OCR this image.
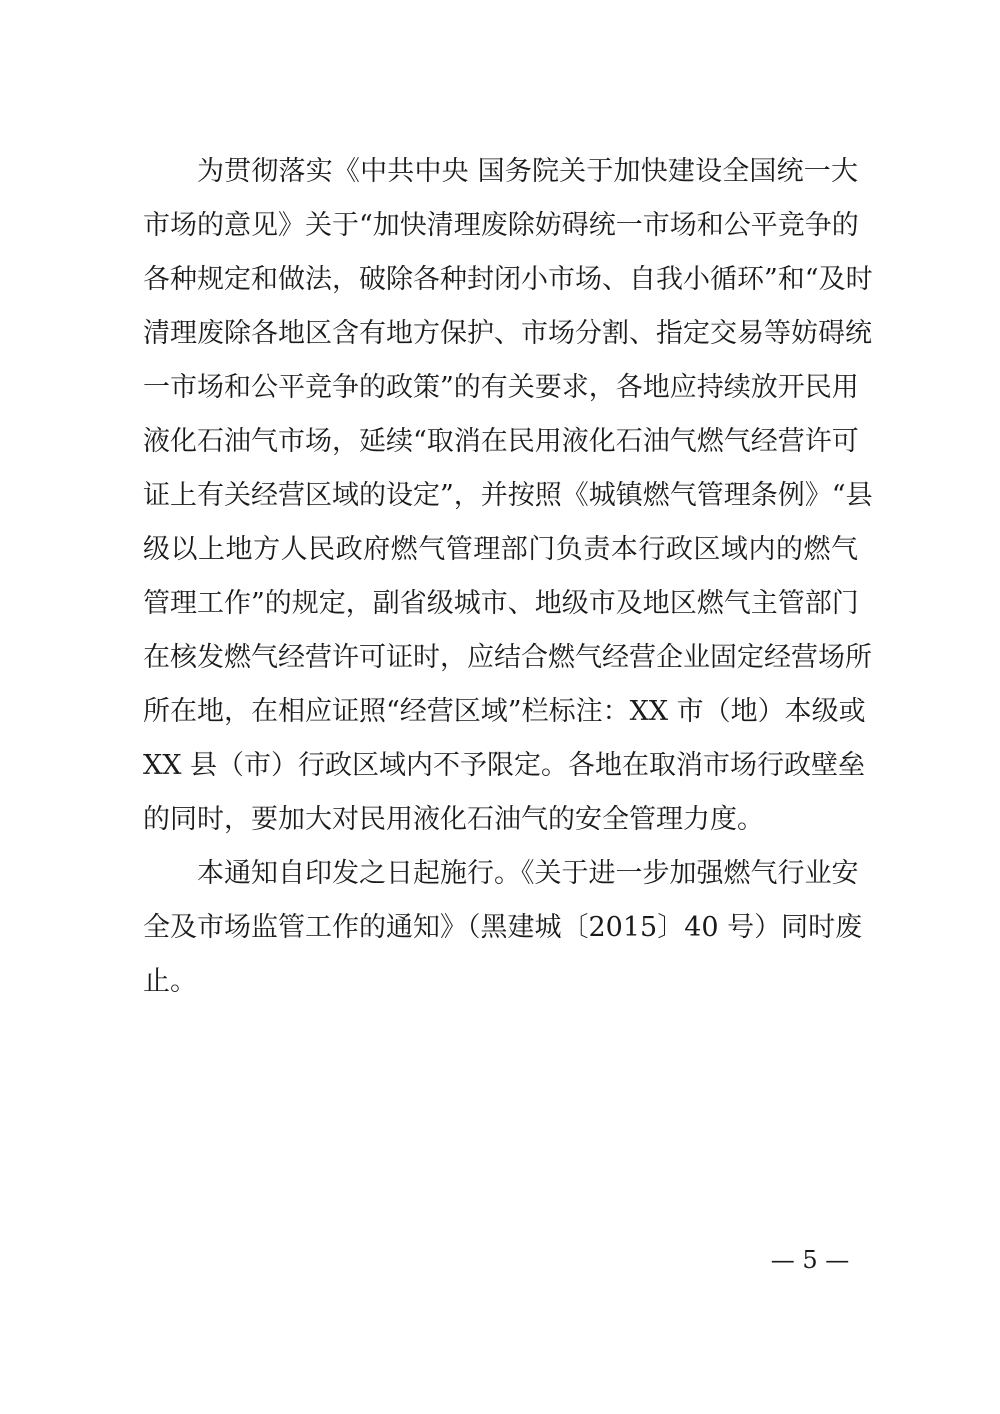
为贯彻落实《中共中央 国务院关于加快建设全国统一大
市场的意见》关于“加快清理废除妨碍统一市场和公平竞争的
各种规定和做法，破除各种封闭小市场、自我小循环”和“及时
清理废除各地区含有地方保护、市场分割、指定交易等妨碍统
一市场和公平竞争的政策”的有关要求，各地应持续放开民用
液化石油气市场，延续“取消在民用液化石油气燃气经营许可
证上有关经营区域的设定”，并按照《城镇燃气管理条例》“县
级以上地方人民政府燃气管理部门负责本行政区域内的燃气
管理工作”的规定，副省级城市、地级市及地区燃气主管部门
在核发燃气经营许可证时，应结合燃气经营企业固定经营场所
所在地，在相应证照“经营区域”栏标注：XX 市（地）本级或
XX 县（市）行政区域内不予限定。各地在取消市场行政壁垒
的同时，要加大对民用液化石油气的安全管理力度。
本通知自印发之日起施行。《关于进一步加强燃气行业安
全及市场监管工作的通知》（黑建城〔2015〕40 号）同时废
止。
— 5 —
